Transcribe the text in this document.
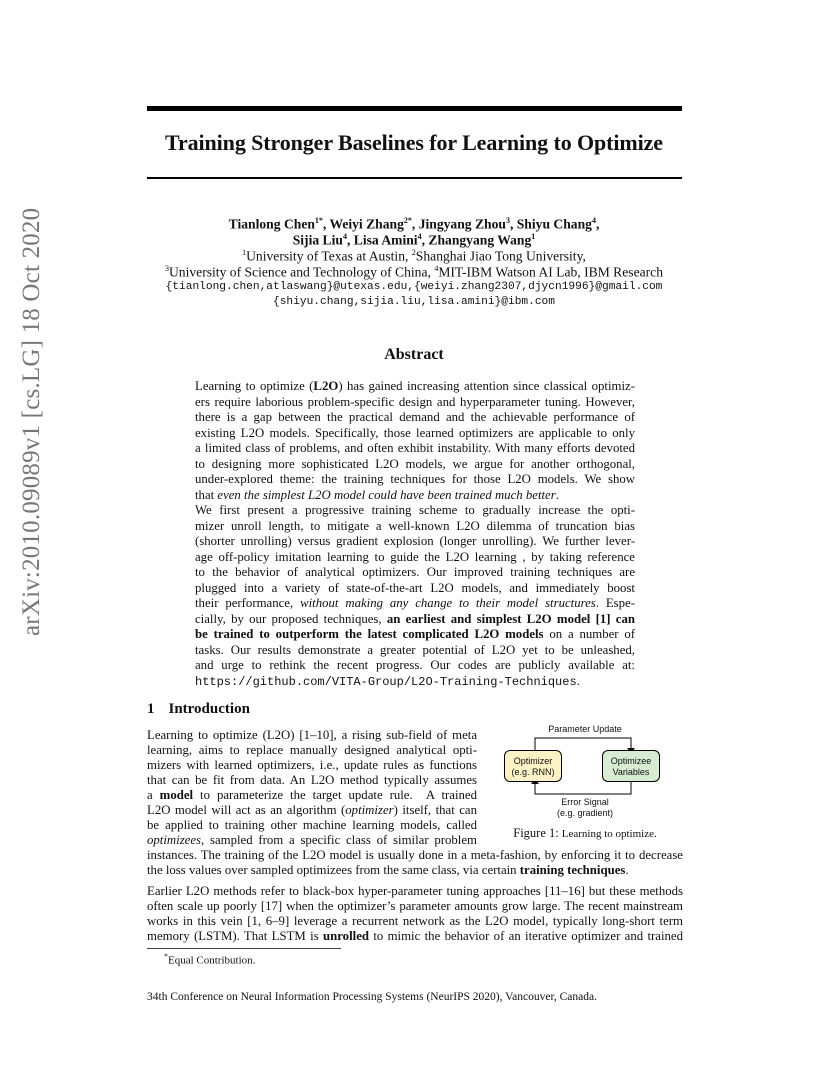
arXiv:2010.09089v1 [cs.LG] 18 Oct 2020
Training Stronger Baselines for Learning to Optimize
Tianlong Chen$^{1*}$, Weiyi Zhang$^{2*}$, Jingyang Zhou$^3$, Shiyu Chang$^4$,
Sijia Liu$^4$, Lisa Amini$^4$, Zhangyang Wang$^1$
$^1$University of Texas at Austin, $^2$Shanghai Jiao Tong University,
$^3$University of Science and Technology of China, $^4$MIT-IBM Watson AI Lab, IBM Research
{tianlong.chen,atlaswang}@utexas.edu,{weiyi.zhang2307,djycn1996}@gmail.com
{shiyu.chang,sijia.liu,lisa.amini}@ibm.com
Abstract
Learning to optimize (L2O) has gained increasing attention since classical optimiz-
ers require laborious problem-specific design and hyperparameter tuning. However,
there is a gap between the practical demand and the achievable performance of
existing L2O models. Specifically, those learned optimizers are applicable to only
a limited class of problems, and often exhibit instability. With many efforts devoted
to designing more sophisticated L2O models, we argue for another orthogonal,
under-explored theme: the training techniques for those L2O models. We show
that even the simplest L2O model could have been trained much better.
We first present a progressive training scheme to gradually increase the opti-
mizer unroll length, to mitigate a well-known L2O dilemma of truncation bias
(shorter unrolling) versus gradient explosion (longer unrolling). We further lever-
age off-policy imitation learning to guide the L2O learning , by taking reference
to the behavior of analytical optimizers. Our improved training techniques are
plugged into a variety of state-of-the-art L2O models, and immediately boost
their performance, without making any change to their model structures. Espe-
cially, by our proposed techniques, an earliest and simplest L2O model [1] can
be trained to outperform the latest complicated L2O models on a number of
tasks. Our results demonstrate a greater potential of L2O yet to be unleashed,
and urge to rethink the recent progress. Our codes are publicly available at:
https://github.com/VITA-Group/L2O-Training-Techniques.
1 Introduction
Learning to optimize (L2O) [1–10], a rising sub-field of meta
learning, aims to replace manually designed analytical opti-
mizers with learned optimizers, i.e., update rules as functions
that can be fit from data. An L2O method typically assumes
a model to parameterize the target update rule.  A trained
L2O model will act as an algorithm (optimizer) itself, that can
be applied to training other machine learning models, called
optimizees, sampled from a specific class of similar problem
instances. The training of the L2O model is usually done in a meta-fashion, by enforcing it to decrease
the loss values over sampled optimizees from the same class, via certain training techniques.
Earlier L2O methods refer to black-box hyper-parameter tuning approaches [11–16] but these methods
often scale up poorly [17] when the optimizer’s parameter amounts grow large. The recent mainstream
works in this vein [1, 6–9] leverage a recurrent network as the L2O model, typically long-short term
memory (LSTM). That LSTM is unrolled to mimic the behavior of an iterative optimizer and trained
Parameter Update
Optimizer
(e.g. RNN)
Optimizee
Variables
Error Signal
(e.g. gradient)
Figure 1: Learning to optimize.
*Equal Contribution.
34th Conference on Neural Information Processing Systems (NeurIPS 2020), Vancouver, Canada.
